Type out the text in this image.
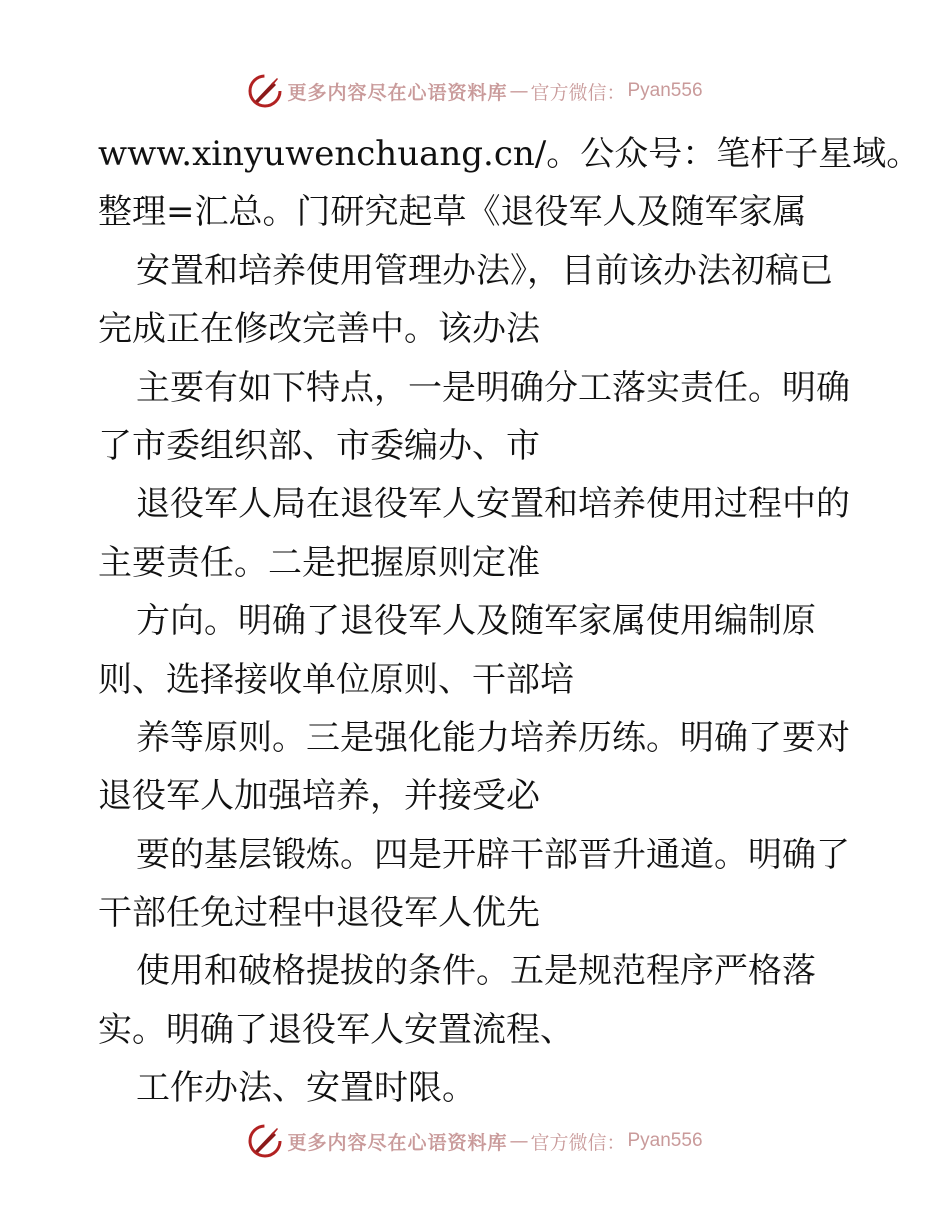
更多内容尽在心语资料库 — 官方微信： Pyan556
www.xinyuwenchuang.cn/。公众号：笔杆子星域。
整理=汇总。门研究起草《退役军人及随军家属
安置和培养使用管理办法》，目前该办法初稿已
完成正在修改完善中。该办法
主要有如下特点，一是明确分工落实责任。明确
了市委组织部、市委编办、市
退役军人局在退役军人安置和培养使用过程中的
主要责任。二是把握原则定准
方向。明确了退役军人及随军家属使用编制原
则、选择接收单位原则、干部培
养等原则。三是强化能力培养历练。明确了要对
退役军人加强培养，并接受必
要的基层锻炼。四是开辟干部晋升通道。明确了
干部任免过程中退役军人优先
使用和破格提拔的条件。五是规范程序严格落
实。明确了退役军人安置流程、
工作办法、安置时限。
更多内容尽在心语资料库 — 官方微信： Pyan556
